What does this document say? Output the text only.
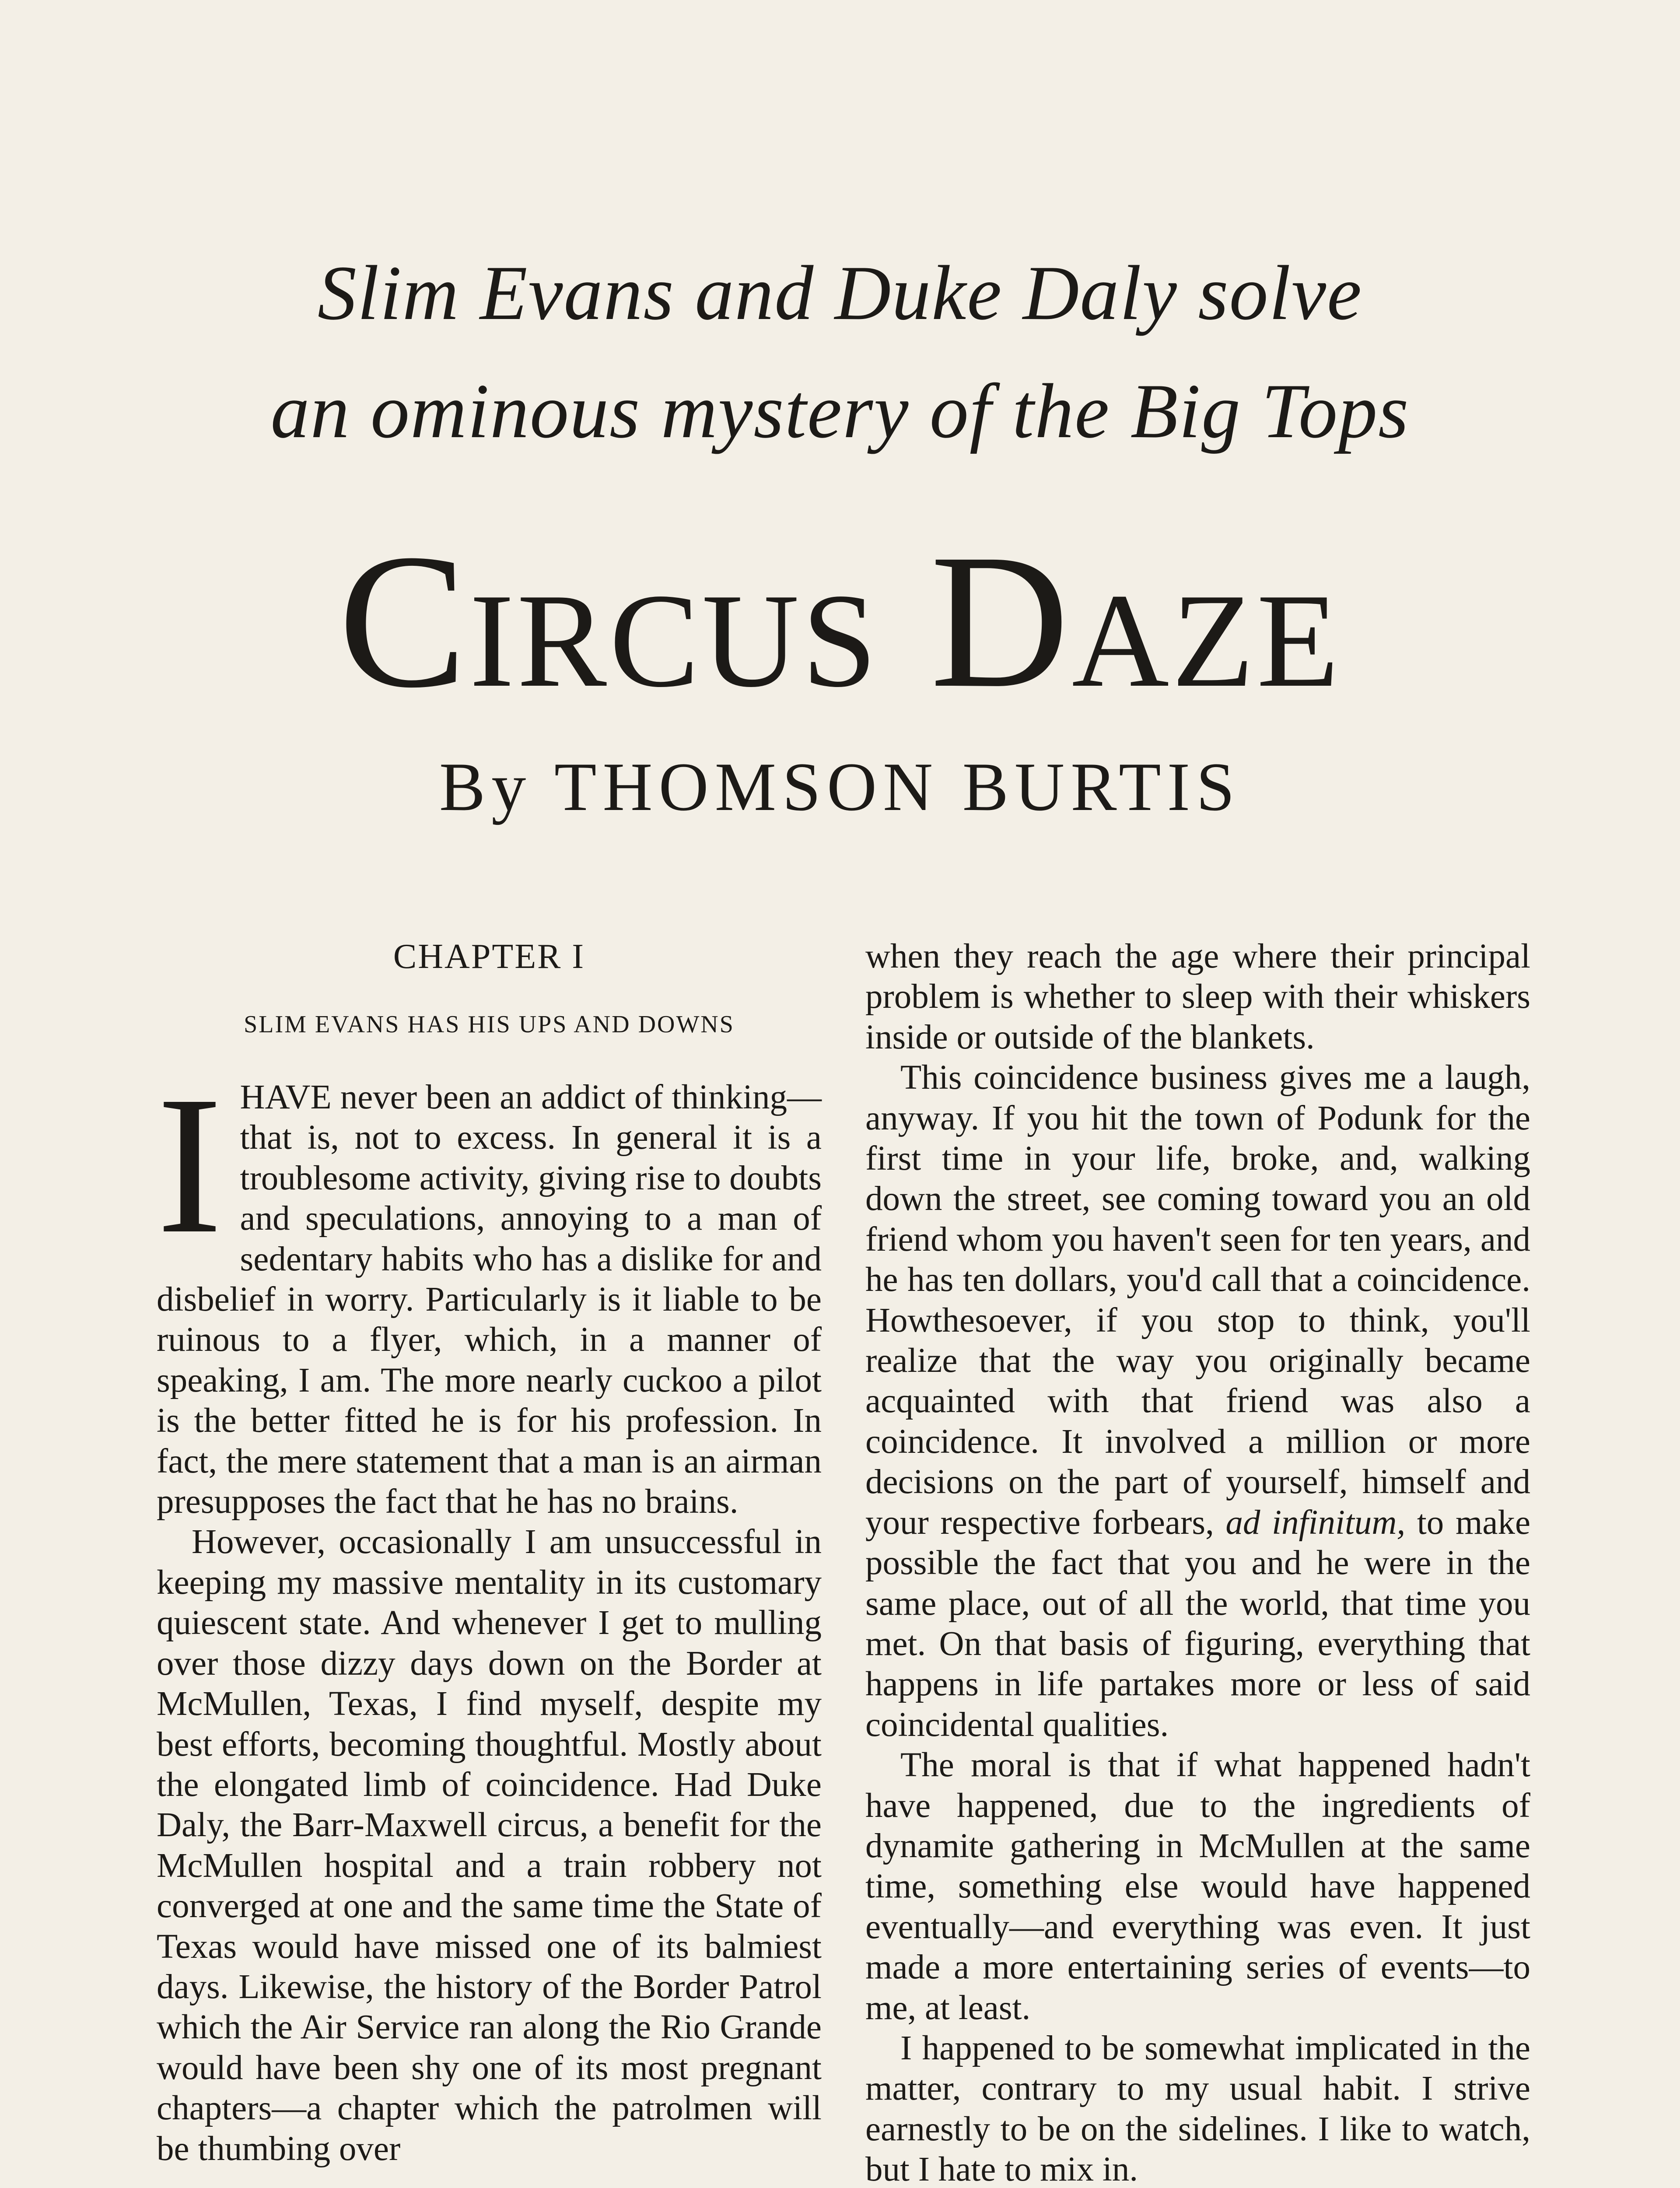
Slim Evans and Duke Daly solve
an ominous mystery of the Big Tops
Circus Daze
By THOMSON BURTIS
CHAPTER I
SLIM EVANS HAS HIS UPS AND DOWNS

IHAVE never been an addict of thinking—that is, not to excess. In general it is a troublesome activity, giving rise to doubts and speculations, annoying to a man of sedentary habits who has a dislike for and disbelief in worry. Particularly is it liable to be ruinous to a flyer, which, in a manner of speaking, I am. The more nearly cuckoo a pilot is the better fitted he is for his profession. In fact, the mere statement that a man is an airman presupposes the fact that he has no brains.

However, occasionally I am unsuccessful in keeping my massive mentality in its customary quiescent state. And whenever I get to mulling over those dizzy days down on the Border at McMullen, Texas, I find myself, despite my best efforts, becoming thoughtful. Mostly about the elongated limb of coincidence. Had Duke Daly, the Barr-Maxwell circus, a benefit for the McMullen hospital and a train robbery not converged at one and the same time the State of Texas would have missed one of its balmiest days. Likewise, the history of the Border Patrol which the Air Service ran along the Rio Grande would have been shy one of its most pregnant chapters—a chapter which the patrolmen will be thumbing over

when they reach the age where their principal problem is whether to sleep with their whiskers inside or outside of the blankets.

This coincidence business gives me a laugh, anyway. If you hit the town of Podunk for the first time in your life, broke, and, walking down the street, see coming toward you an old friend whom you haven't seen for ten years, and he has ten dollars, you'd call that a coincidence. Howthesoever, if you stop to think, you'll realize that the way you originally became acquainted with that friend was also a coincidence. It involved a million or more decisions on the part of yourself, himself and your respective forbears, ad infinitum, to make possible the fact that you and he were in the same place, out of all the world, that time you met. On that basis of figuring, everything that happens in life partakes more or less of said coincidental qualities.

The moral is that if what happened hadn't have happened, due to the ingredients of dynamite gathering in McMullen at the same time, something else would have happened eventually—and everything was even. It just made a more entertaining series of events—to me, at least.

I happened to be somewhat implicated in the matter, contrary to my usual habit. I strive earnestly to be on the sidelines. I like to watch, but I hate to mix in.
